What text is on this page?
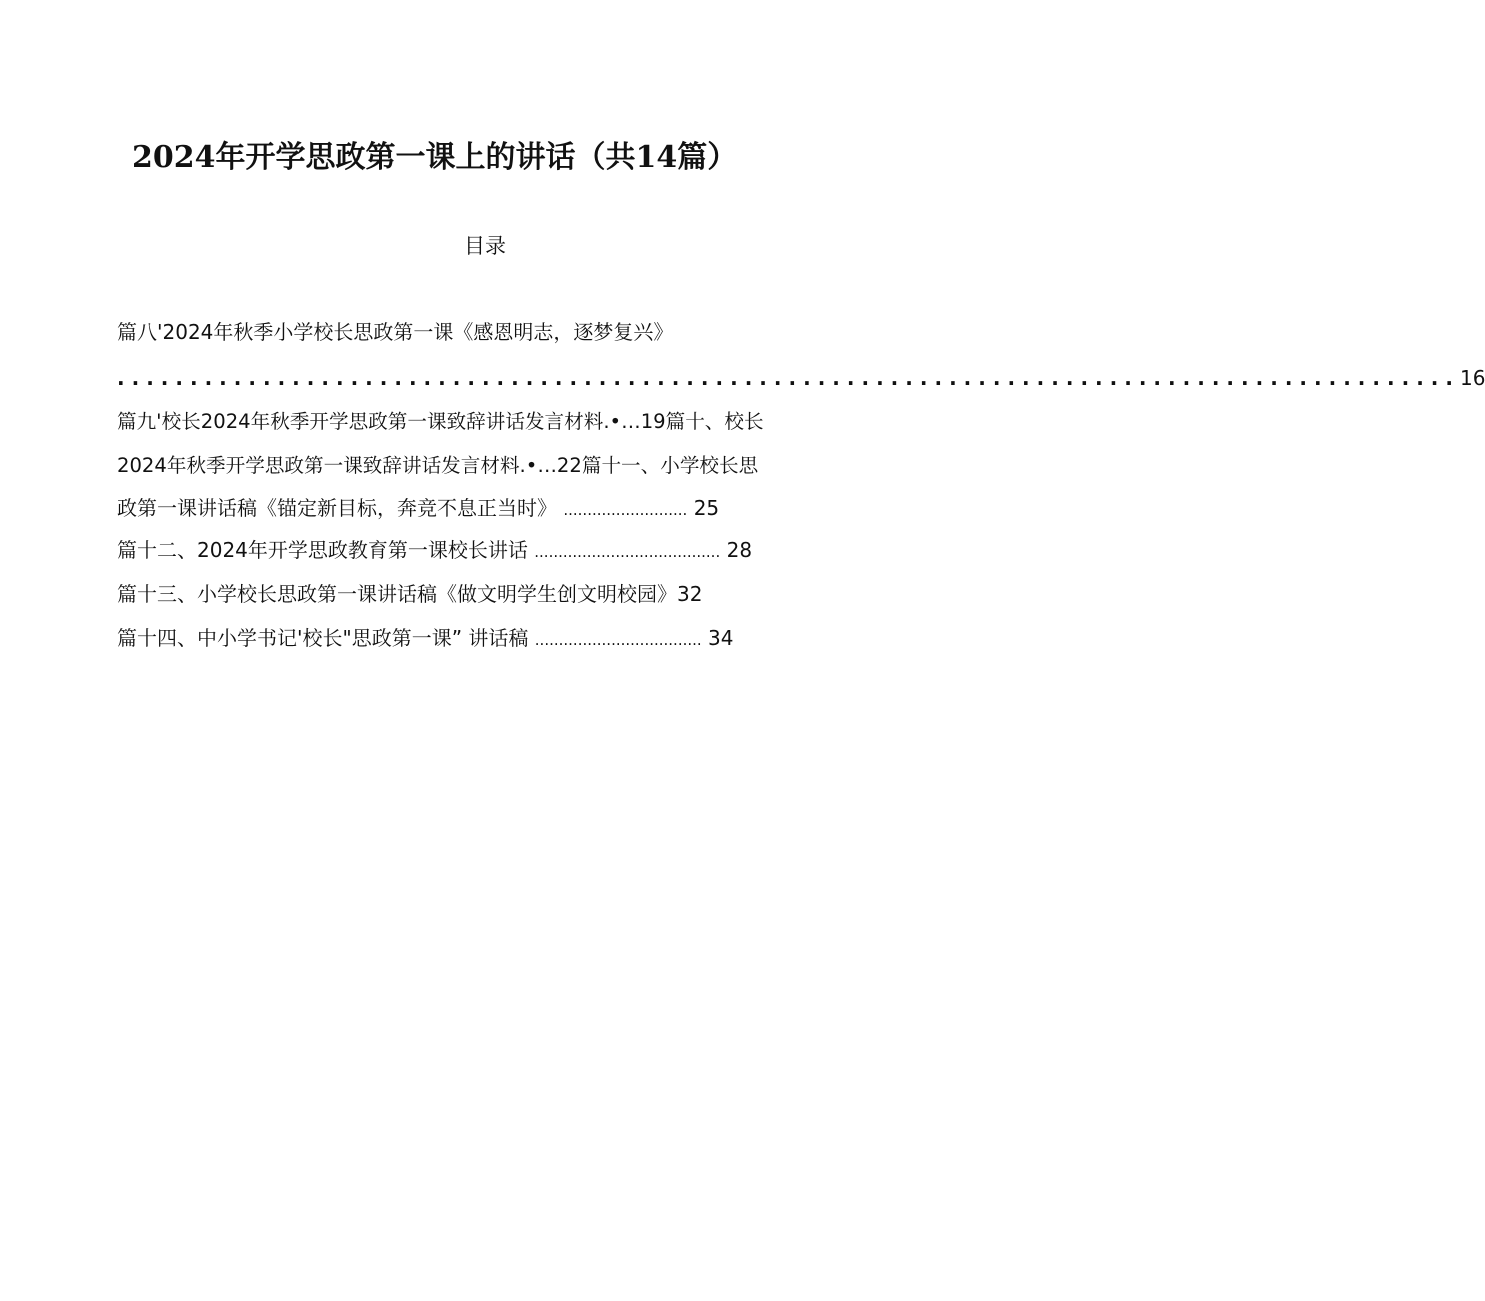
2024年开学思政第一课上的讲话（共14篇）
目录
篇八'2024年秋季小学校长思政第一课《感恩明志，逐梦复兴》
............................................................................................ 16
篇九'校长2024年秋季开学思政第一课致辞讲话发言材料.•…19篇十、校长
2024年秋季开学思政第一课致辞讲话发言材料.•…22篇十一、小学校长思
政第一课讲话稿《锚定新目标，奔竞不息正当时》 .......................... 25
篇十二、2024年开学思政教育第一课校长讲话 ....................................... 28
篇十三、小学校长思政第一课讲话稿《做文明学生创文明校园》32
篇十四、中小学书记'校长"思政第一课” 讲话稿 ................................... 34
